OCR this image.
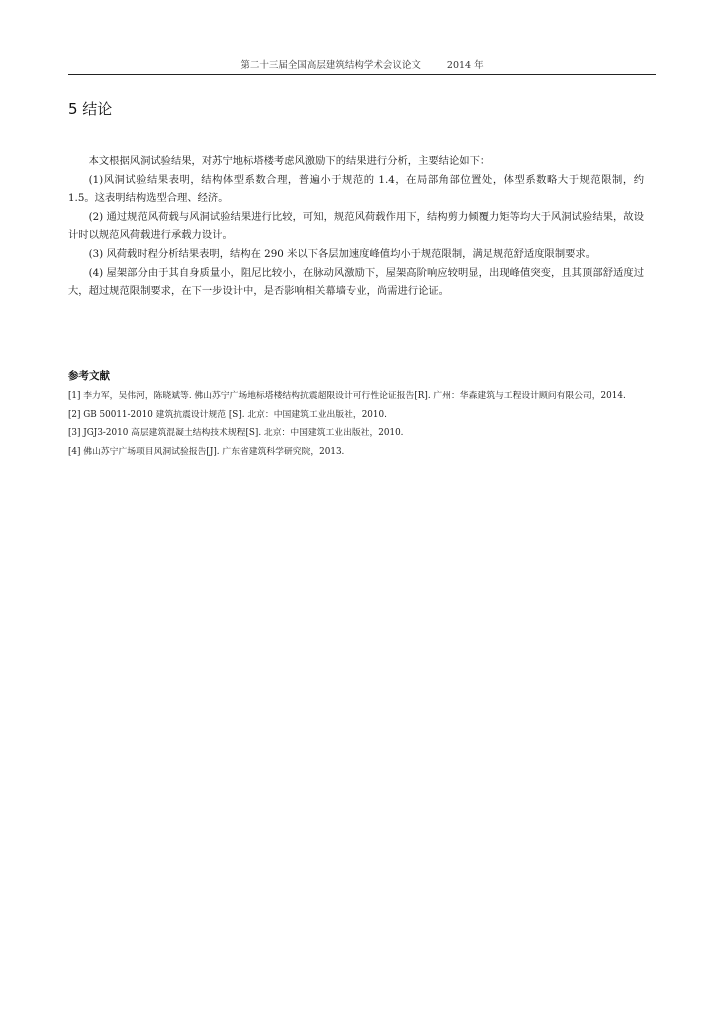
第二十三届全国高层建筑结构学术会议论文	2014 年
5 结论

本文根据风洞试验结果，对苏宁地标塔楼考虑风激励下的结果进行分析，主要结论如下：

(1)风洞试验结果表明，结构体型系数合理，普遍小于规范的 1.4，在局部角部位置处，体型系数略大于规范限制，约 1.5。这表明结构选型合理、经济。

(2) 通过规范风荷载与风洞试验结果进行比较，可知，规范风荷载作用下，结构剪力倾覆力矩等均大于风洞试验结果，故设计时以规范风荷载进行承载力设计。

(3) 风荷载时程分析结果表明，结构在 290 米以下各层加速度峰值均小于规范限制，满足规范舒适度限制要求。

(4) 屋架部分由于其自身质量小，阻尼比较小，在脉动风激励下，屋架高阶响应较明显，出现峰值突变，且其顶部舒适度过大，超过规范限制要求，在下一步设计中，是否影响相关幕墙专业，尚需进行论证。

参考文献
[1] 李力军，吴伟河，陈晓斌等. 佛山苏宁广场地标塔楼结构抗震超限设计可行性论证报告[R]. 广州：华森建筑与工程设计顾问有限公司，2014.
[2] GB 50011-2010 建筑抗震设计规范 [S]. 北京：中国建筑工业出版社，2010.
[3] JGJ3-2010 高层建筑混凝土结构技术规程[S]. 北京：中国建筑工业出版社，2010.
[4] 佛山苏宁广场项目风洞试验报告[J]. 广东省建筑科学研究院，2013.
